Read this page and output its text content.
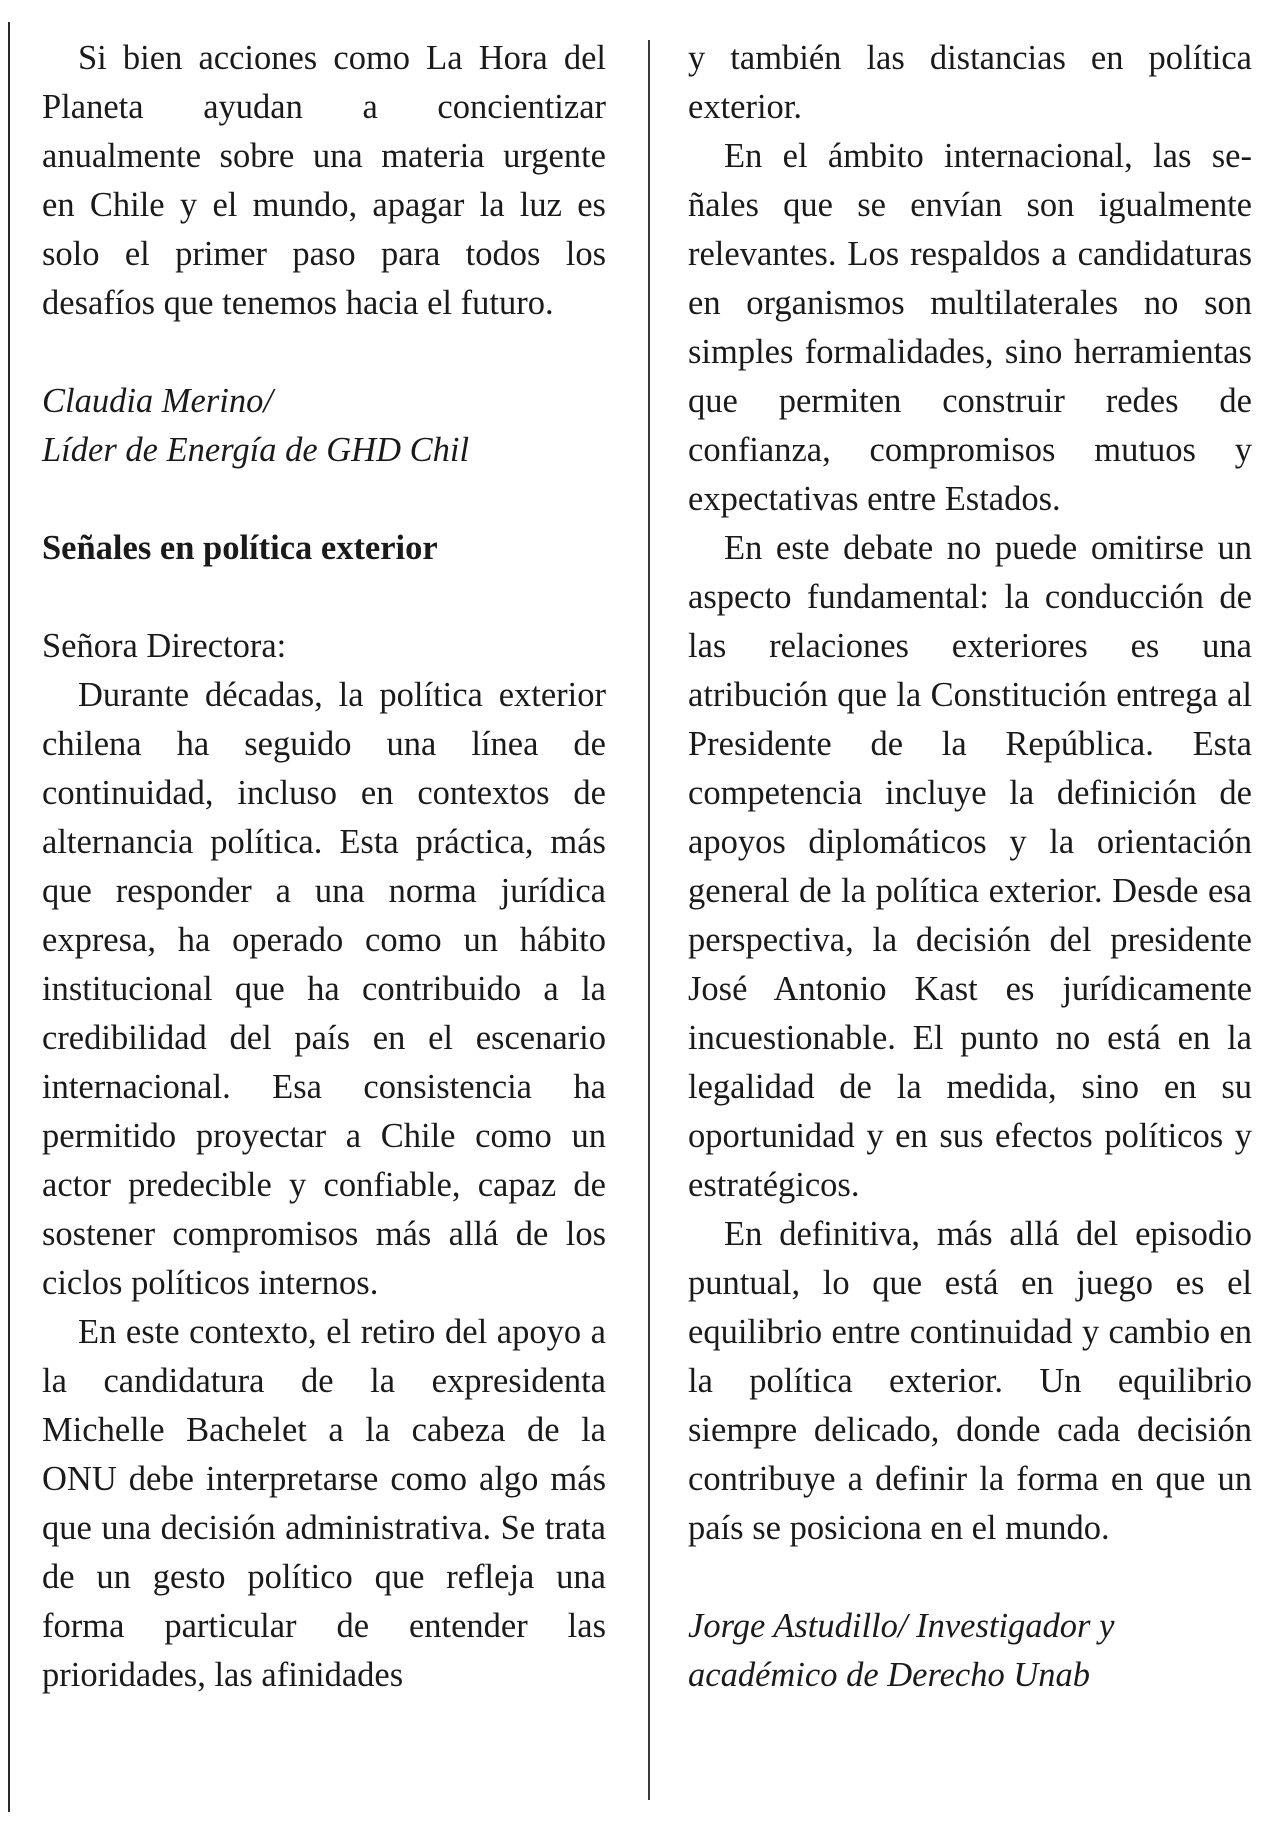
Si bien acciones como La Hora del Planeta ayudan a concientizar anualmente sobre una materia urgente en Chile y el mundo, apagar la luz es solo el primer paso para todos los desafíos que tenemos hacia el futuro.

Claudia Merino/

Líder de Energía de GHD Chil

Señales en política exterior

Señora Directora:

Durante décadas, la política exterior chilena ha seguido una línea de continuidad, incluso en contextos de alternancia política. Esta práctica, más que responder a una norma jurídica expresa, ha operado como un hábito institucional que ha contribuido a la credibilidad del país en el escenario internacional. Esa consistencia ha permitido proyectar a Chile como un actor predecible y confiable, capaz de sostener compromisos más allá de los ciclos políticos internos.

En este contexto, el retiro del apoyo a la candidatura de la expresidenta Michelle Bachelet a la cabeza de la ONU debe interpretarse como algo más que una decisión administrativa. Se trata de un gesto político que refleja una forma particular de entender las prioridades, las afinidades

y también las distancias en política exterior.

En el ámbito internacional, las señales que se envían son igualmente relevantes. Los respaldos a candidaturas en organismos multilaterales no son simples formalidades, sino herramientas que permiten construir redes de confianza, compromisos mutuos y expectativas entre Estados.

En este debate no puede omitirse un aspecto fundamental: la conducción de las relaciones exteriores es una atribución que la Constitución entrega al Presidente de la República. Esta competencia incluye la definición de apoyos diplomáticos y la orientación general de la política exterior. Desde esa perspectiva, la decisión del presidente José Antonio Kast es jurídicamente incuestionable. El punto no está en la legalidad de la medida, sino en su oportunidad y en sus efectos políticos y estratégicos.

En definitiva, más allá del episodio puntual, lo que está en juego es el equilibrio entre continuidad y cambio en la política exterior. Un equilibrio siempre delicado, donde cada decisión contribuye a definir la forma en que un país se posiciona en el mundo.

Jorge Astudillo/ Investigador y

académico de Derecho Unab
